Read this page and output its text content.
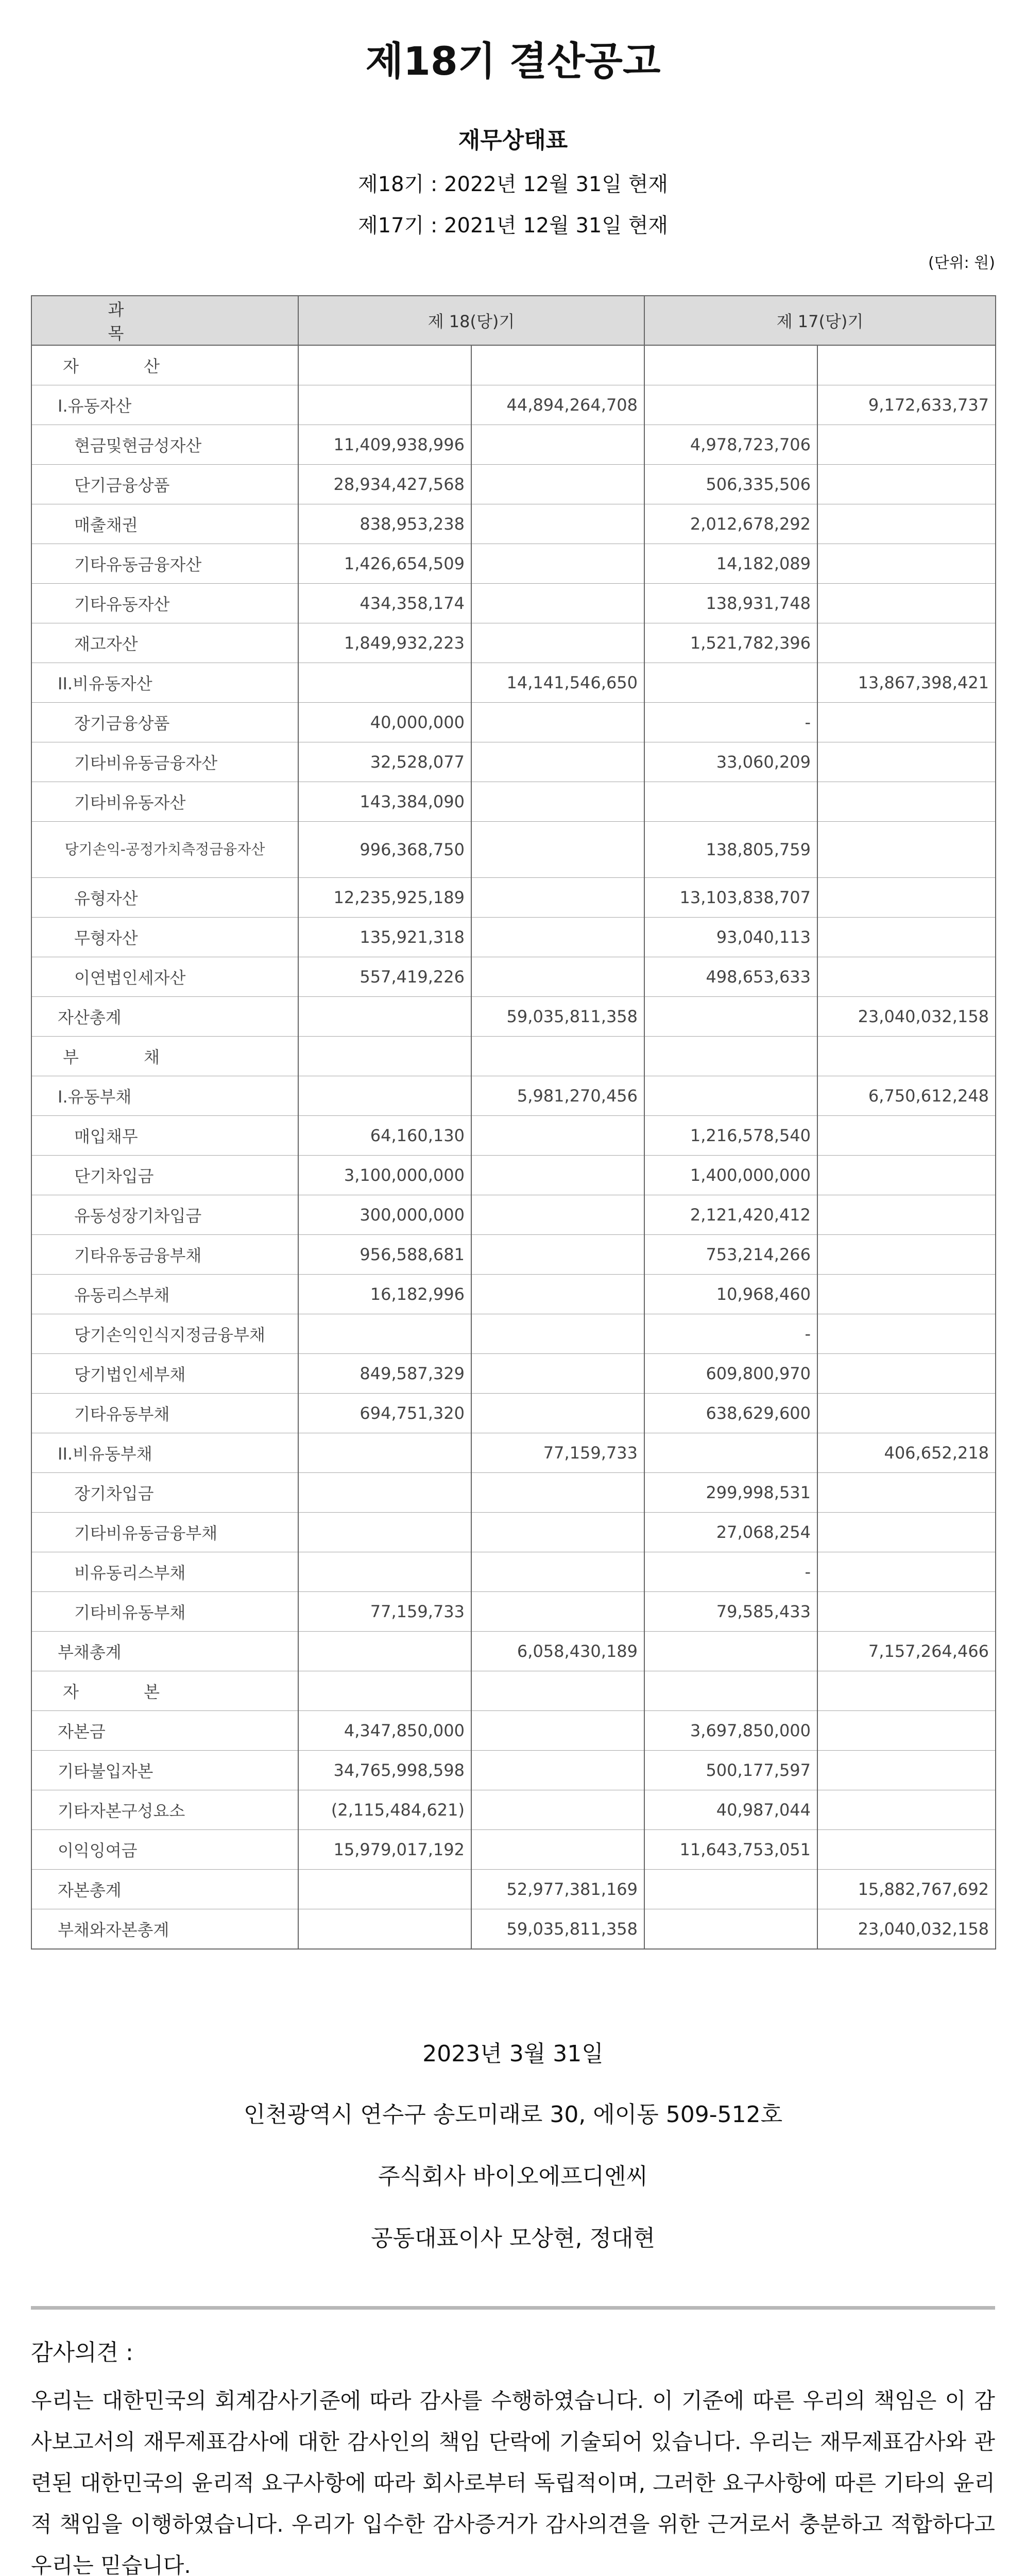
제18기 결산공고
재무상태표
제18기 : 2022년 12월 31일 현재
제17기 : 2021년 12월 31일 현재
(단위: 원)
과 목	제 18(당)기		제 17(당)기	
자 산				
I.유동자산		44,894,264,708		9,172,633,737
현금및현금성자산	11,409,938,996		4,978,723,706	
단기금융상품	28,934,427,568		506,335,506	
매출채권	838,953,238		2,012,678,292	
기타유동금융자산	1,426,654,509		14,182,089	
기타유동자산	434,358,174		138,931,748	
재고자산	1,849,932,223		1,521,782,396	
II.비유동자산		14,141,546,650		13,867,398,421
장기금융상품	40,000,000		-	
기타비유동금융자산	32,528,077		33,060,209	
기타비유동자산	143,384,090			
당기손익-공정가치측정금융자산	996,368,750		138,805,759	
유형자산	12,235,925,189		13,103,838,707	
무형자산	135,921,318		93,040,113	
이연법인세자산	557,419,226		498,653,633	
자산총계		59,035,811,358		23,040,032,158
부 채				
I.유동부채		5,981,270,456		6,750,612,248
매입채무	64,160,130		1,216,578,540	
단기차입금	3,100,000,000		1,400,000,000	
유동성장기차입금	300,000,000		2,121,420,412	
기타유동금융부채	956,588,681		753,214,266	
유동리스부채	16,182,996		10,968,460	
당기손익인식지정금융부채			-	
당기법인세부채	849,587,329		609,800,970	
기타유동부채	694,751,320		638,629,600	
II.비유동부채		77,159,733		406,652,218
장기차입금			299,998,531	
기타비유동금융부채			27,068,254	
비유동리스부채			-	
기타비유동부채	77,159,733		79,585,433	
부채총계		6,058,430,189		7,157,264,466
자 본				
자본금	4,347,850,000		3,697,850,000	
기타불입자본	34,765,998,598		500,177,597	
기타자본구성요소	(2,115,484,621)		40,987,044	
이익잉여금	15,979,017,192		11,643,753,051	
자본총계		52,977,381,169		15,882,767,692
부채와자본총계		59,035,811,358		23,040,032,158
2023년 3월 31일
인천광역시 연수구 송도미래로 30, 에이동 509-512호
주식회사 바이오에프디엔씨
공동대표이사 모상현, 정대현
감사의견 :
우리는 대한민국의 회계감사기준에 따라 감사를 수행하였습니다. 이 기준에 따른 우리의 책임은 이 감사보고서의 재무제표감사에 대한 감사인의 책임 단락에 기술되어 있습니다. 우리는 재무제표감사와 관련된 대한민국의 윤리적 요구사항에 따라 회사로부터 독립적이며, 그러한 요구사항에 따른 기타의 윤리적 책임을 이행하였습니다. 우리가 입수한 감사증거가 감사의견을 위한 근거로서 충분하고 적합하다고 우리는 믿습니다.
